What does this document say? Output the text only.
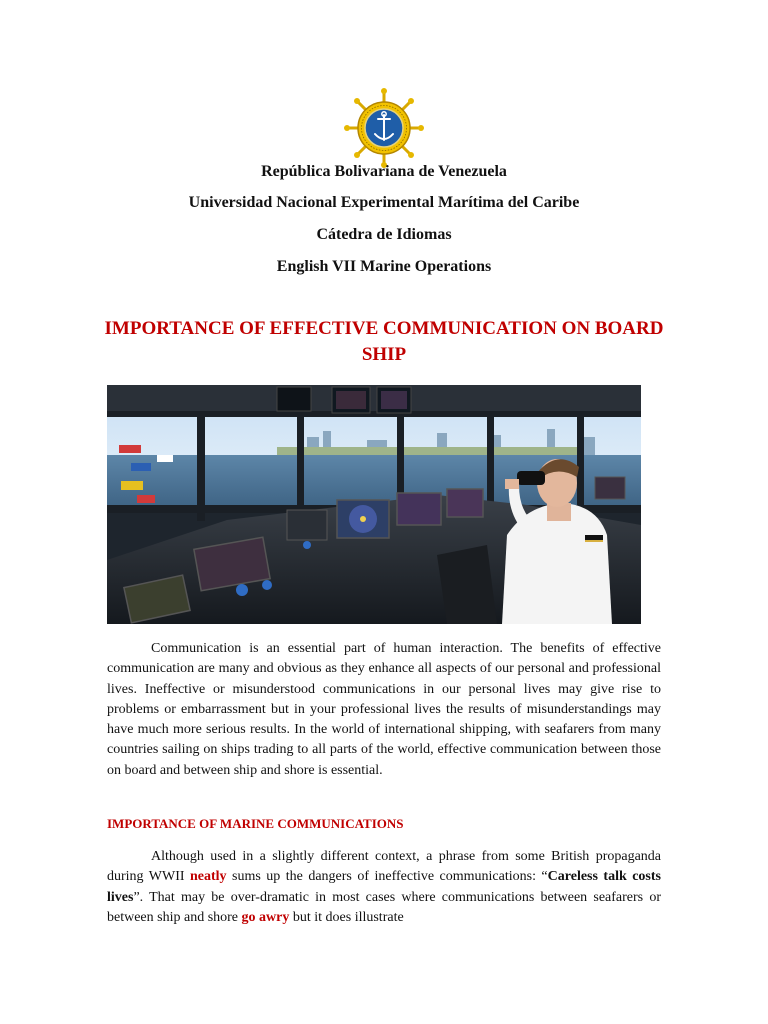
República Bolivariana de Venezuela
Universidad Nacional Experimental Marítima del Caribe
Cátedra de Idiomas
English VII Marine Operations
IMPORTANCE OF EFFECTIVE COMMUNICATION ON BOARD SHIP

Communication is an essential part of human interaction. The benefits of effective communication are many and obvious as they enhance all aspects of our personal and professional lives. Ineffective or misunderstood communications in our personal lives may give rise to problems or embarrassment but in your professional lives the results of misunderstandings may have much more serious results. In the world of international shipping, with seafarers from many countries sailing on ships trading to all parts of the world, effective communication between those on board and between ship and shore is essential.

IMPORTANCE OF MARINE COMMUNICATIONS

Although used in a slightly different context, a phrase from some British propaganda during WWII neatly sums up the dangers of ineffective communications: “Careless talk costs lives”. That may be over-dramatic in most cases where communications between seafarers or between ship and shore go awry but it does illustrate
